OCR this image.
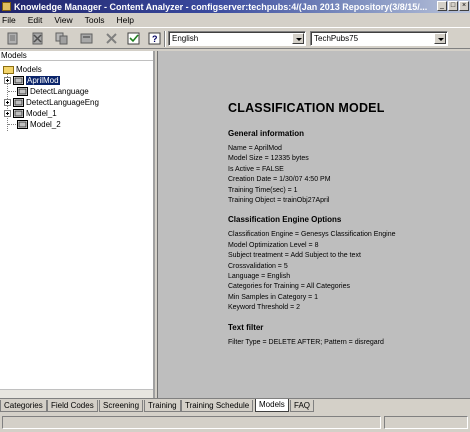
Knowledge Manager - Content Analyzer - configserver:techpubs:4/(Jan 2013 Repository(3/8/15/...	_ □ ×
File	Edit	View	Tools	Help
?	English	TechPubs75
Models
Models
AprilMod
DetectLanguage
DetectLanguageEng
Model_1
Model_2
CLASSIFICATION MODEL
General information
Name = AprilMod
Model Size = 12335 bytes
Is Active = FALSE
Creation Date = 1/30/07 4:50 PM
Training Time(sec) = 1
Training Object = trainObj27April
Classification Engine Options
Classification Engine = Genesys Classification Engine
Model Optimization Level = 8
Subject treatment = Add Subject to the text
Crossvalidation = 5
Language = English
Categories for Training = All Categories
Min Samples in Category = 1
Keyword Threshold = 2
Text filter
Filter Type = DELETE AFTER; Pattern = disregard
Categories	Field Codes	Screening	Training	Training Schedule	Models	FAQ
